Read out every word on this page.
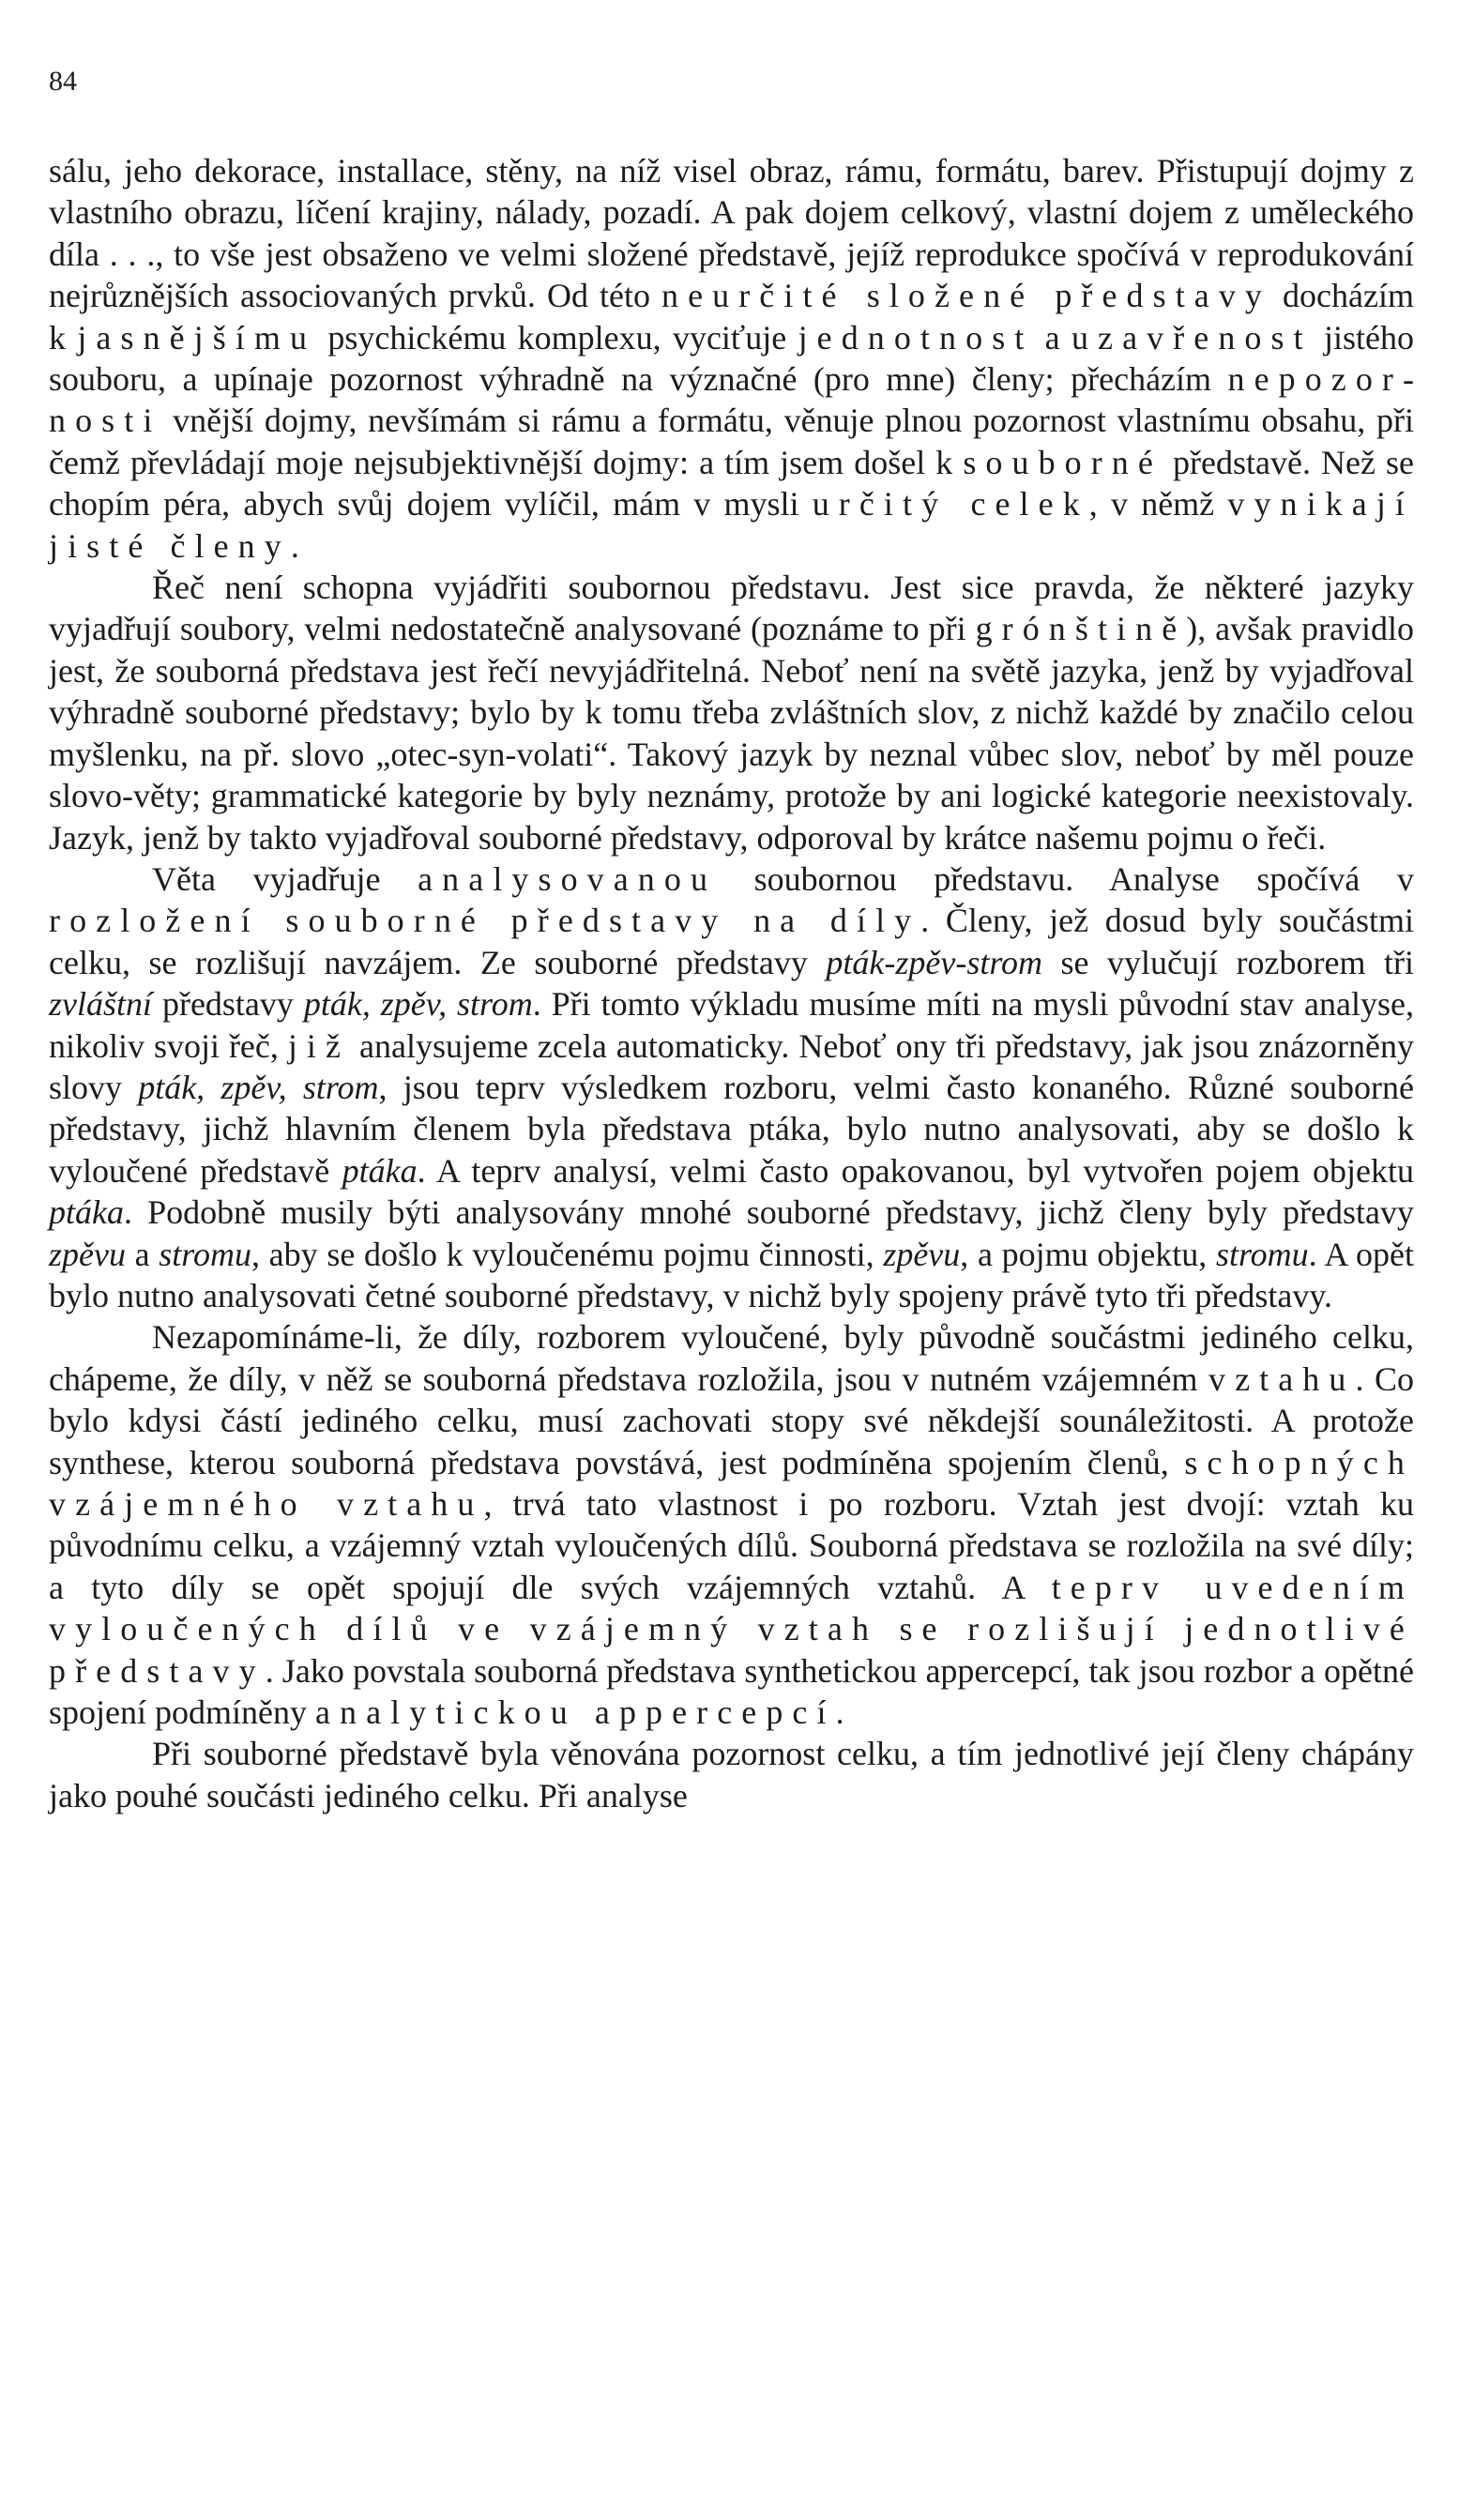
84

sálu, jeho dekorace, installace, stěny, na níž visel obraz, rámu, formátu, barev. Přistupují dojmy z vlastního obrazu, líčení krajiny, nálady, pozadí. A pak dojem celkový, vlastní dojem z uměleckého díla . . ., to vše jest obsaženo ve velmi složené představě, jejíž reprodukce spočívá v reprodukování nejrůznějších associovaných prvků. Od této neurčité složené představy docházím k jasnějšímu psychickému komplexu, vyciťuje jednotnost a uzavřenost jistého souboru, a upínaje pozornost výhradně na význačné (pro mne) členy; přecházím nepozornosti vnější dojmy, nevšímám si rámu a formátu, věnuje plnou pozornost vlastnímu obsahu, při čemž převládají moje nejsubjektivnější dojmy: a tím jsem došel k souborné představě. Než se chopím péra, abych svůj dojem vylíčil, mám v mysli určitý celek, v němž vynikají jisté členy.

Řeč není schopna vyjádřiti soubornou představu. Jest sice pravda, že některé jazyky vyjadřují soubory, velmi nedostatečně analysované (poznáme to při grónštině), avšak pravidlo jest, že souborná představa jest řečí nevyjádřitelná. Neboť není na světě jazyka, jenž by vyjadřoval výhradně souborné představy; bylo by k tomu třeba zvláštních slov, z nichž každé by značilo celou myšlenku, na př. slovo „otec-syn-volati“. Takový jazyk by neznal vůbec slov, neboť by měl pouze slovo-věty; grammatické kategorie by byly neznámy, protože by ani logické kategorie neexistovaly. Jazyk, jenž by takto vyjadřoval souborné představy, odporoval by krátce našemu pojmu o řeči.

Věta vyjadřuje analysovanou soubornou představu. Analyse spočívá v rozložení souborné představy na díly. Členy, jež dosud byly součástmi celku, se rozlišují navzájem. Ze souborné představy pták-zpěv-strom se vylučují rozborem tři zvláštní představy pták, zpěv, strom. Při tomto výkladu musíme míti na mysli původní stav analyse, nikoliv svoji řeč, již analysujeme zcela automaticky. Neboť ony tři představy, jak jsou znázorněny slovy pták, zpěv, strom, jsou teprv výsledkem rozboru, velmi často konaného. Různé souborné představy, jichž hlavním členem byla představa ptáka, bylo nutno analysovati, aby se došlo k vyloučené představě ptáka. A teprv analysí, velmi často opakovanou, byl vytvořen pojem objektu ptáka. Podobně musily býti analysovány mnohé souborné představy, jichž členy byly představy zpěvu a stromu, aby se došlo k vyloučenému pojmu činnosti, zpěvu, a pojmu objektu, stromu. A opět bylo nutno analysovati četné souborné představy, v nichž byly spojeny právě tyto tři představy.

Nezapomínáme-li, že díly, rozborem vyloučené, byly původně součástmi jediného celku, chápeme, že díly, v něž se souborná představa rozložila, jsou v nutném vzájemném vztahu. Co bylo kdysi částí jediného celku, musí zachovati stopy své někdejší sounáležitosti. A protože synthese, kterou souborná představa povstává, jest podmíněna spojením členů, schopných vzájemného vztahu, trvá tato vlastnost i po rozboru. Vztah jest dvojí: vztah ku původnímu celku, a vzájemný vztah vyloučených dílů. Souborná představa se rozložila na své díly; a tyto díly se opět spojují dle svých vzájemných vztahů. A teprv uvedením vyloučených dílů ve vzájemný vztah se rozlišují jednotlivé představy. Jako povstala souborná představa synthetickou appercepcí, tak jsou rozbor a opětné spojení podmíněny analytickou appercepcí.

Při souborné představě byla věnována pozornost celku, a tím jednotlivé její členy chápány jako pouhé součásti jediného celku. Při analyse
